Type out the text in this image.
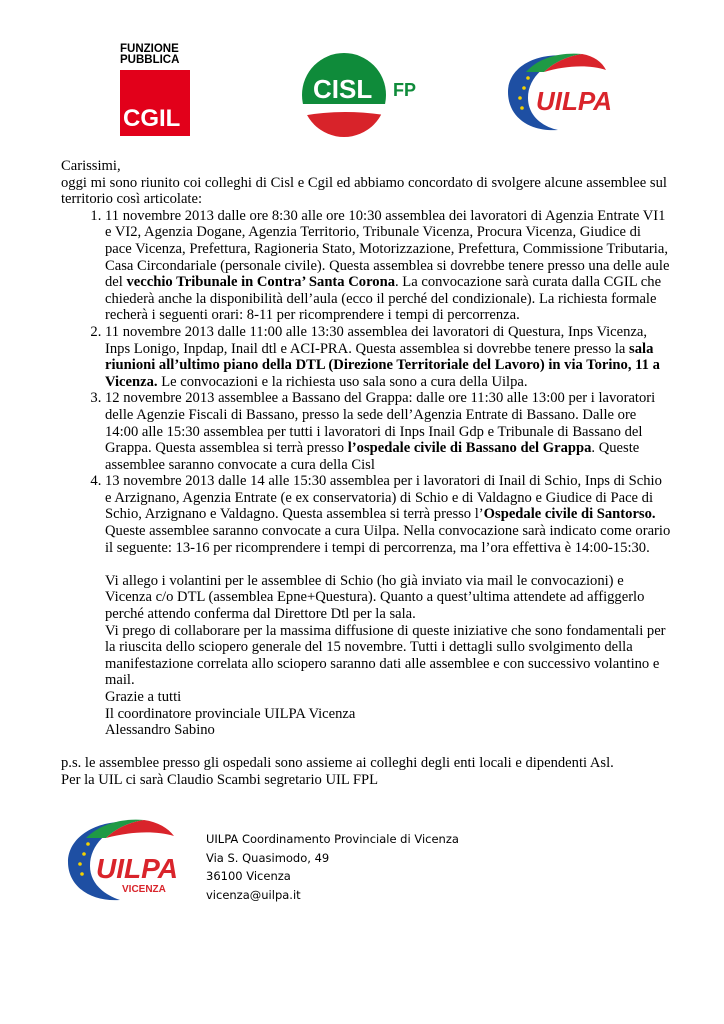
FUNZIONE
PUBBLICA
CGIL
CISL FP	UILPA

Carissimi,

oggi mi sono riunito coi colleghi di Cisl e Cgil ed abbiamo concordato di svolgere alcune assemblee sul territorio così articolate:

1. 11 novembre 2013 dalle ore 8:30 alle ore 10:30 assemblea dei lavoratori di Agenzia Entrate VI1 e VI2, Agenzia Dogane, Agenzia Territorio, Tribunale Vicenza, Procura Vicenza, Giudice di pace Vicenza, Prefettura, Ragioneria Stato, Motorizzazione, Prefettura, Commissione Tributaria, Casa Circondariale (personale civile). Questa assemblea si dovrebbe tenere presso una delle aule del vecchio Tribunale in Contra’ Santa Corona. La convocazione sarà curata dalla CGIL che chiederà anche la disponibilità dell’aula (ecco il perché del condizionale). La richiesta formale recherà i seguenti orari: 8-11 per ricomprendere i tempi di percorrenza.
2. 11 novembre 2013 dalle 11:00 alle 13:30 assemblea dei lavoratori di Questura, Inps Vicenza, Inps Lonigo, Inpdap, Inail dtl e ACI-PRA. Questa assemblea si dovrebbe tenere presso la sala riunioni all’ultimo piano della DTL (Direzione Territoriale del Lavoro) in via Torino, 11 a Vicenza. Le convocazioni e la richiesta uso sala sono a cura della Uilpa.
3. 12 novembre 2013 assemblee a Bassano del Grappa: dalle ore 11:30 alle 13:00 per i lavoratori delle Agenzie Fiscali di Bassano, presso la sede dell’Agenzia Entrate di Bassano. Dalle ore 14:00 alle 15:30 assemblea per tutti i lavoratori di Inps Inail Gdp e Tribunale di Bassano del Grappa. Questa assemblea si terrà presso l’ospedale civile di Bassano del Grappa. Queste assemblee saranno convocate a cura della Cisl
4. 13 novembre 2013 dalle 14 alle 15:30 assemblea per i lavoratori di Inail di Schio, Inps di Schio e Arzignano, Agenzia Entrate (e ex conservatoria) di Schio e di Valdagno e Giudice di Pace di Schio, Arzignano e Valdagno. Questa assemblea si terrà presso l’Ospedale civile di Santorso. Queste assemblee saranno convocate a cura Uilpa. Nella convocazione sarà indicato come orario il seguente: 13-16 per ricomprendere i tempi di percorrenza, ma l’ora effettiva è 14:00-15:30.

Vi allego i volantini per le assemblee di Schio (ho già inviato via mail le convocazioni) e Vicenza c/o DTL (assemblea Epne+Questura). Quanto a quest’ultima attendete ad affiggerlo perché attendo conferma dal Direttore Dtl per la sala.

Vi prego di collaborare per la massima diffusione di queste iniziative che sono fondamentali per la riuscita dello sciopero generale del 15 novembre. Tutti i dettagli sullo svolgimento della manifestazione correlata allo sciopero saranno dati alle assemblee e con successivo volantino e mail.

Grazie a tutti

Il coordinatore provinciale UILPA Vicenza

Alessandro Sabino

p.s. le assemblee presso gli ospedali sono assieme ai colleghi degli enti locali e dipendenti Asl.

Per la UIL ci sarà Claudio Scambi segretario UIL FPL

UILPA
VICENZA
UILPA Coordinamento Provinciale di Vicenza
Via S. Quasimodo, 49
36100 Vicenza
vicenza@uilpa.it
